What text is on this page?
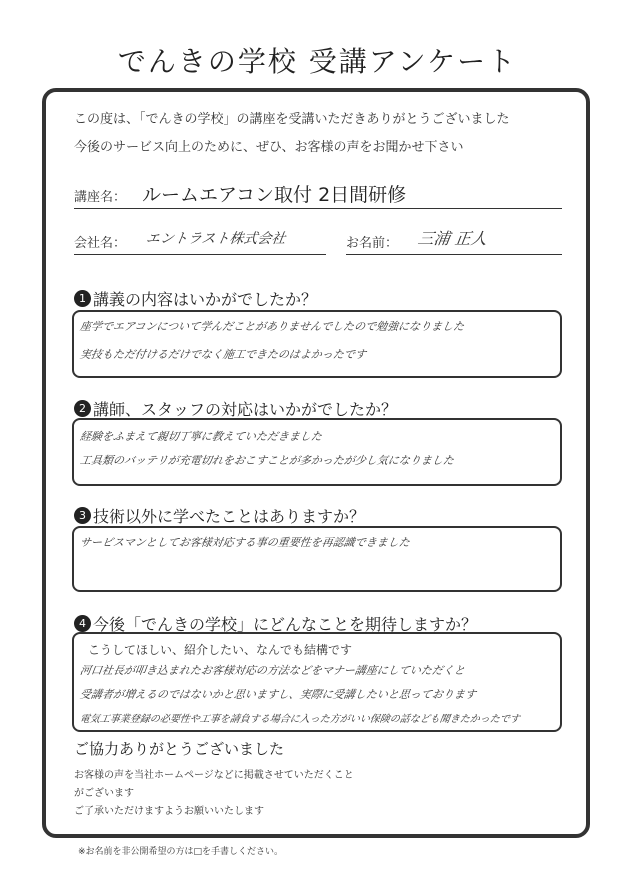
でんきの学校 受講アンケート
この度は、「でんきの学校」の講座を受講いただきありがとうございました
今後のサービス向上のために、ぜひ、お客様の声をお聞かせ下さい
講座名： ルームエアコン取付 2日間研修
会社名： エントラスト株式会社	お名前： 三浦 正人
1 講義の内容はいかがでしたか？
座学でエアコンについて学んだことがありませんでしたので勉強になりました
実技もただ付けるだけでなく施工できたのはよかったです
2 講師、スタッフの対応はいかがでしたか？
経験をふまえて親切丁寧に教えていただきました
工具類のバッテリが充電切れをおこすことが多かったが少し気になりました
3 技術以外に学べたことはありますか？
サービスマンとしてお客様対応する事の重要性を再認識できました
4 今後「でんきの学校」にどんなことを期待しますか？
こうしてほしい、紹介したい、なんでも結構です
河口社長が叩き込まれたお客様対応の方法などをマナー講座にしていただくと
受講者が増えるのではないかと思いますし、実際に受講したいと思っております
電気工事業登録の必要性や工事を請負する場合に入った方がいい保険の話なども聞きたかったです
ご協力ありがとうございました
お客様の声を当社ホームページなどに掲載させていただくこと
がございます
ご了承いただけますようお願いいたします
※お名前を非公開希望の方は□を手書しください。
